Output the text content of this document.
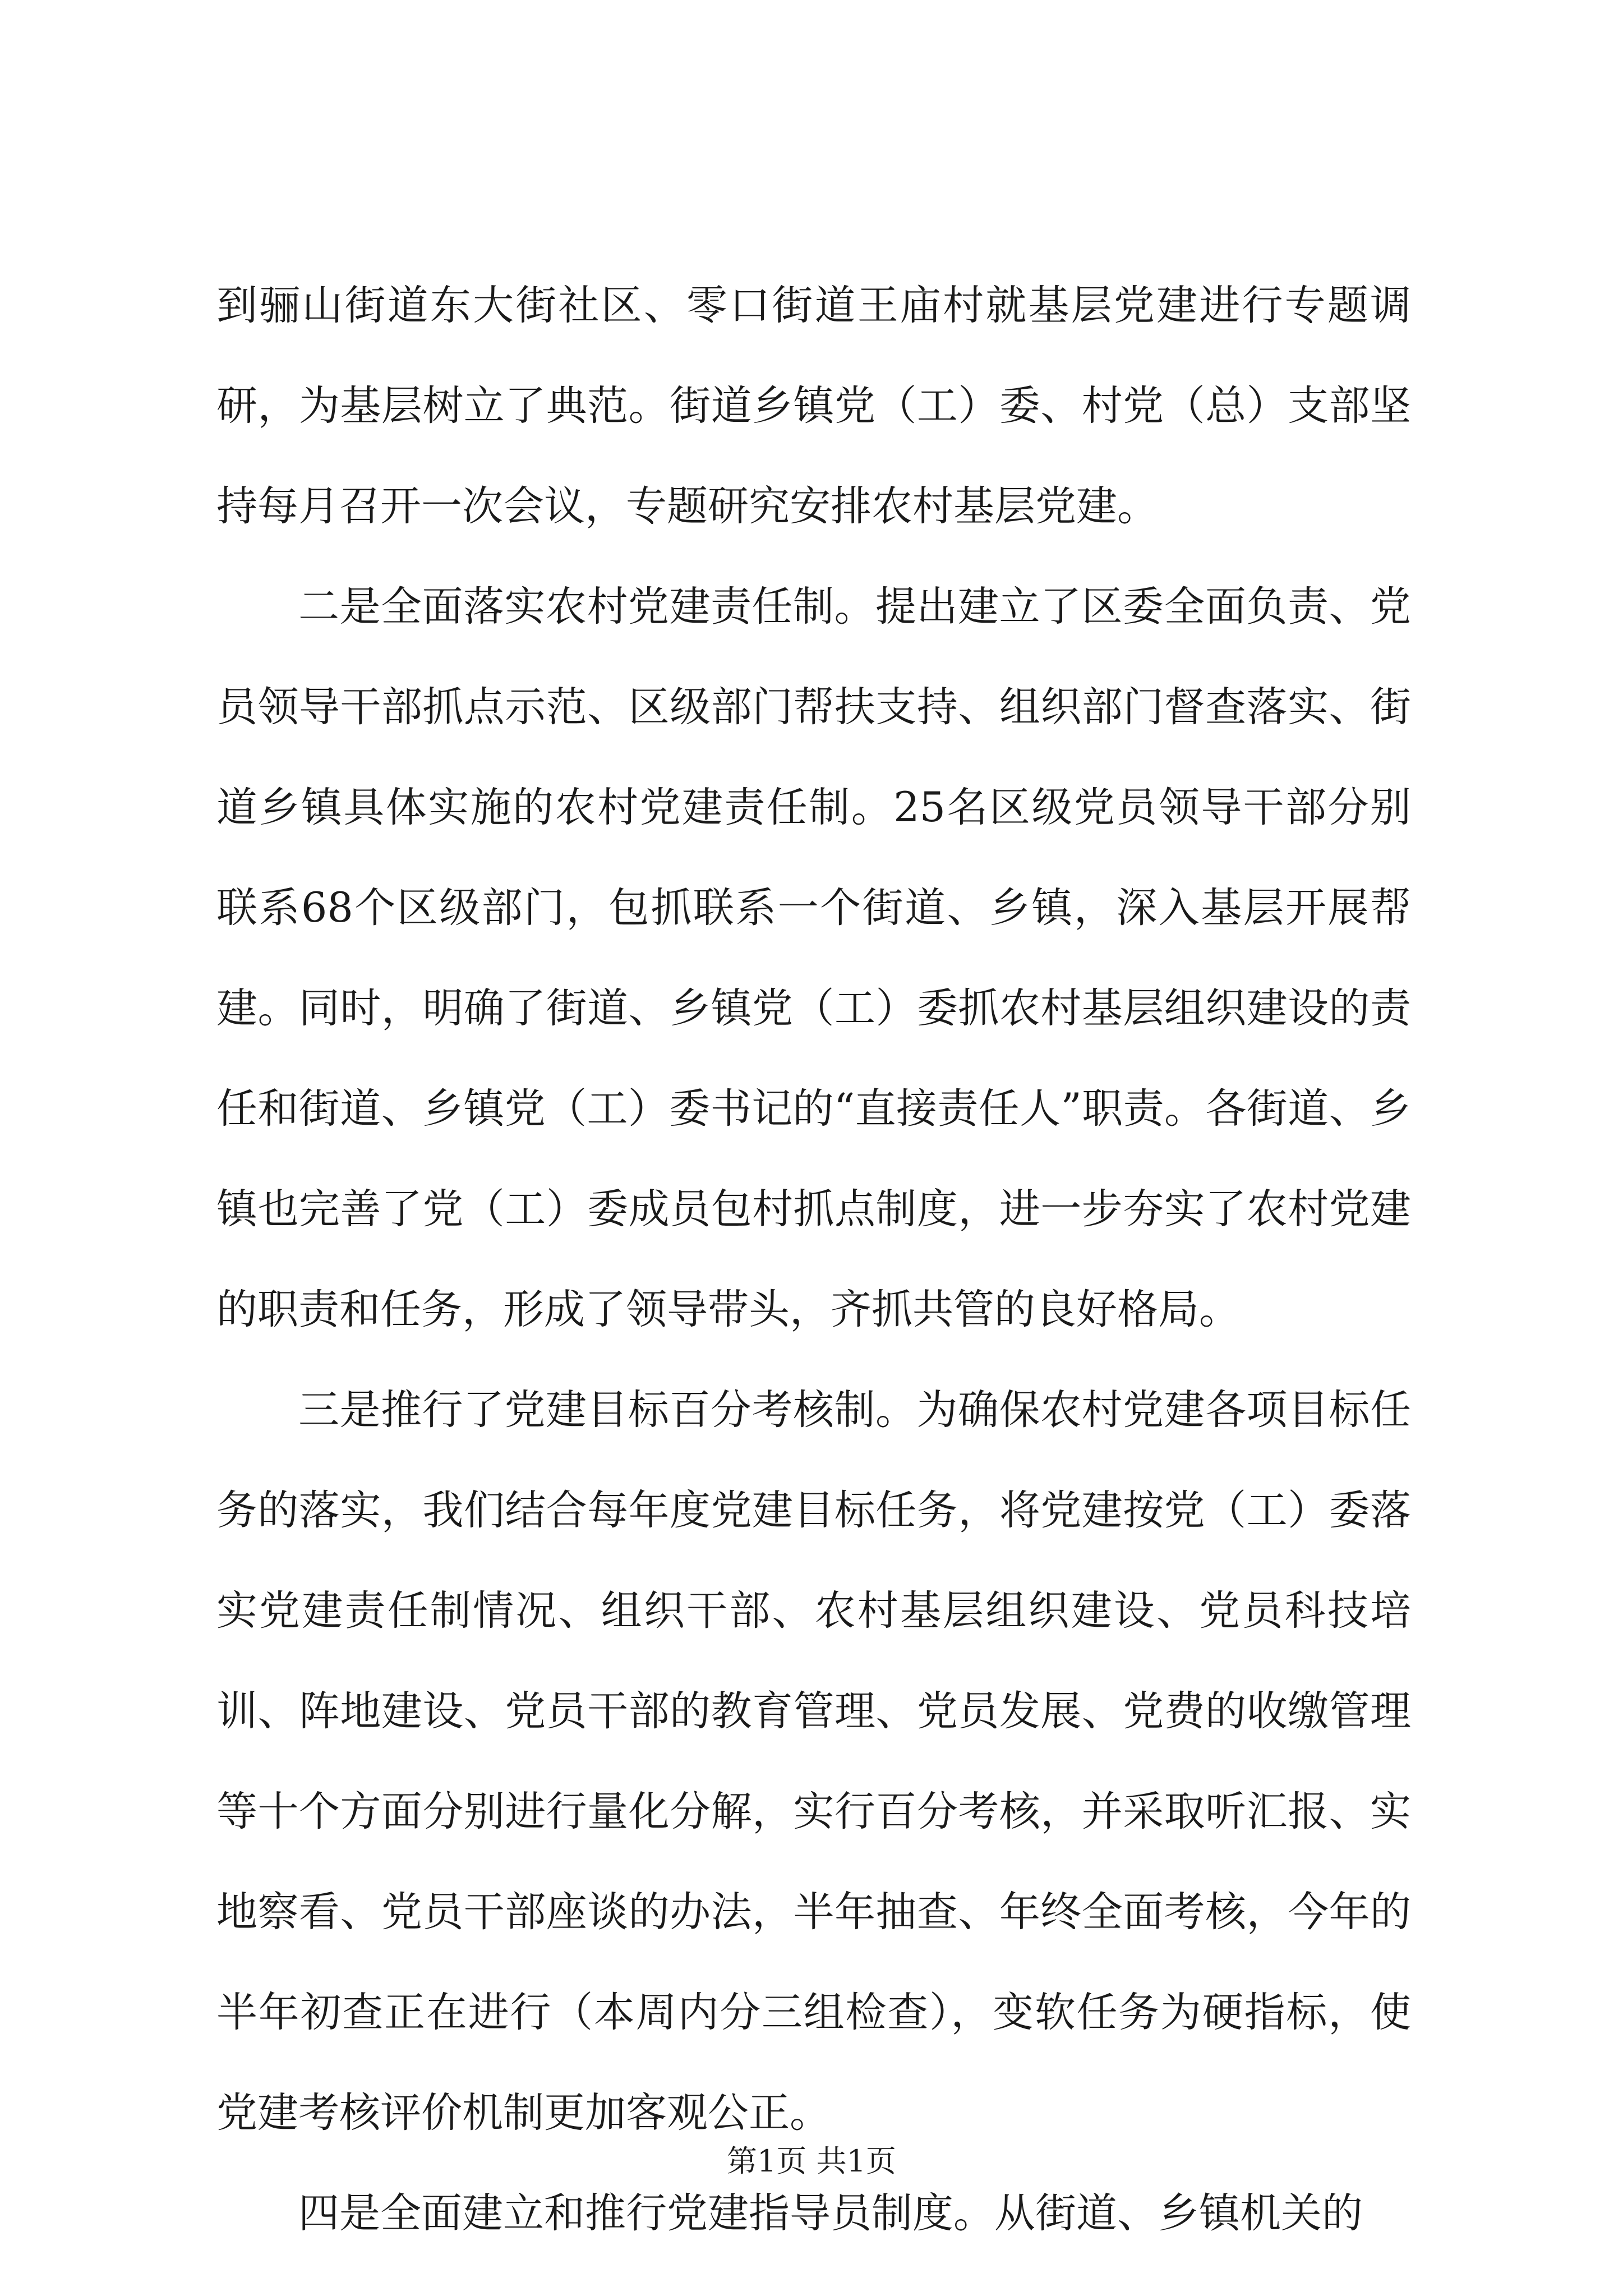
到骊山街道东大街社区、零口街道王庙村就基层党建进行专题调研，为基层树立了典范。街道乡镇党（工）委、村党（总）支部坚持每月召开一次会议，专题研究安排农村基层党建。

二是全面落实农村党建责任制。提出建立了区委全面负责、党员领导干部抓点示范、区级部门帮扶支持、组织部门督查落实、街道乡镇具体实施的农村党建责任制。25名区级党员领导干部分别联系68个区级部门，包抓联系一个街道、乡镇，深入基层开展帮建。同时，明确了街道、乡镇党（工）委抓农村基层组织建设的责任和街道、乡镇党（工）委书记的“直接责任人”职责。各街道、乡镇也完善了党（工）委成员包村抓点制度，进一步夯实了农村党建的职责和任务，形成了领导带头，齐抓共管的良好格局。

三是推行了党建目标百分考核制。为确保农村党建各项目标任务的落实，我们结合每年度党建目标任务，将党建按党（工）委落实党建责任制情况、组织干部、农村基层组织建设、党员科技培训、阵地建设、党员干部的教育管理、党员发展、党费的收缴管理等十个方面分别进行量化分解，实行百分考核，并采取听汇报、实地察看、党员干部座谈的办法，半年抽查、年终全面考核，今年的半年初查正在进行（本周内分三组检查），变软任务为硬指标，使党建考核评价机制更加客观公正。

四是全面建立和推行党建指导员制度。从街道、乡镇机关的

第1页 共1页
